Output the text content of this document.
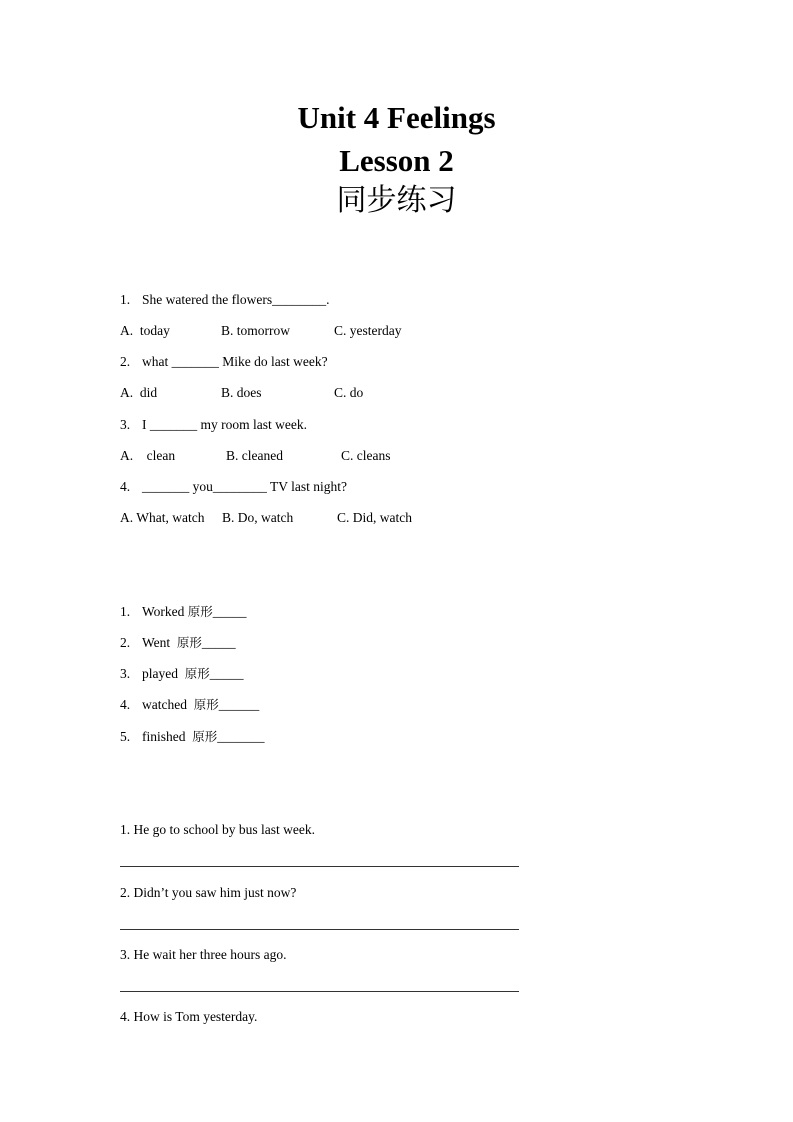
Unit 4 Feelings
Lesson 2
同步练习
1. She watered the flowers________.
A.  today	B. tomorrow	C. yesterday
2. what _______ Mike do last week?
A.  did	B. does	C. do
3. I _______ my room last week.
A.    clean	B. cleaned	C. cleans
4. _______ you________ TV last night?
A. What, watch B. Do, watch	C. Did, watch
1. Worked 原形_____
2. Went  原形_____
3. played  原形_____
4. watched  原形______
5. finished  原形_______
1. He go to school by bus last week.
2. Didn’t you saw him just now?
3. He wait her three hours ago.
4. How is Tom yesterday.
